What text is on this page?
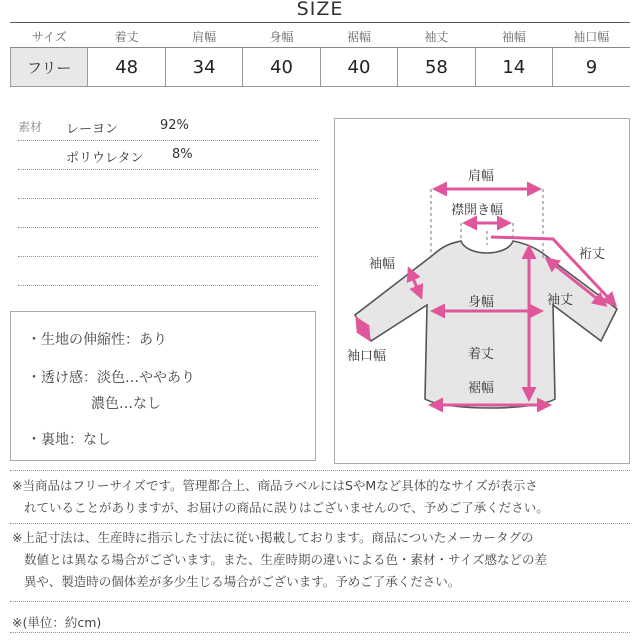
SIZE
サイズ	着丈	肩幅	身幅	裾幅	袖丈	袖幅	袖口幅
フリー	48	34	40	40	58	14	9
素材 レーヨン	92%
ポリウレタン 8%
・生地の伸縮性：あり
・透け感：淡色…ややあり
濃色…なし
・裏地：なし
肩幅
襟開き幅
裄丈
袖幅
身幅	袖丈
袖口幅	着丈
裾幅
※当商品はフリーサイズです。管理都合上、商品ラベルにはSやMなど具体的なサイズが表示さ
れていることがありますが、お届けの商品に誤りはございませんので、予めご了承ください。
※上記寸法は、生産時に指示した寸法に従い掲載しております。商品についたメーカータグの
数値とは異なる場合がございます。また、生産時期の違いによる色・素材・サイズ感などの差
異や、製造時の個体差が多少生じる場合がございます。予めご了承ください。
※(単位：約cm)
